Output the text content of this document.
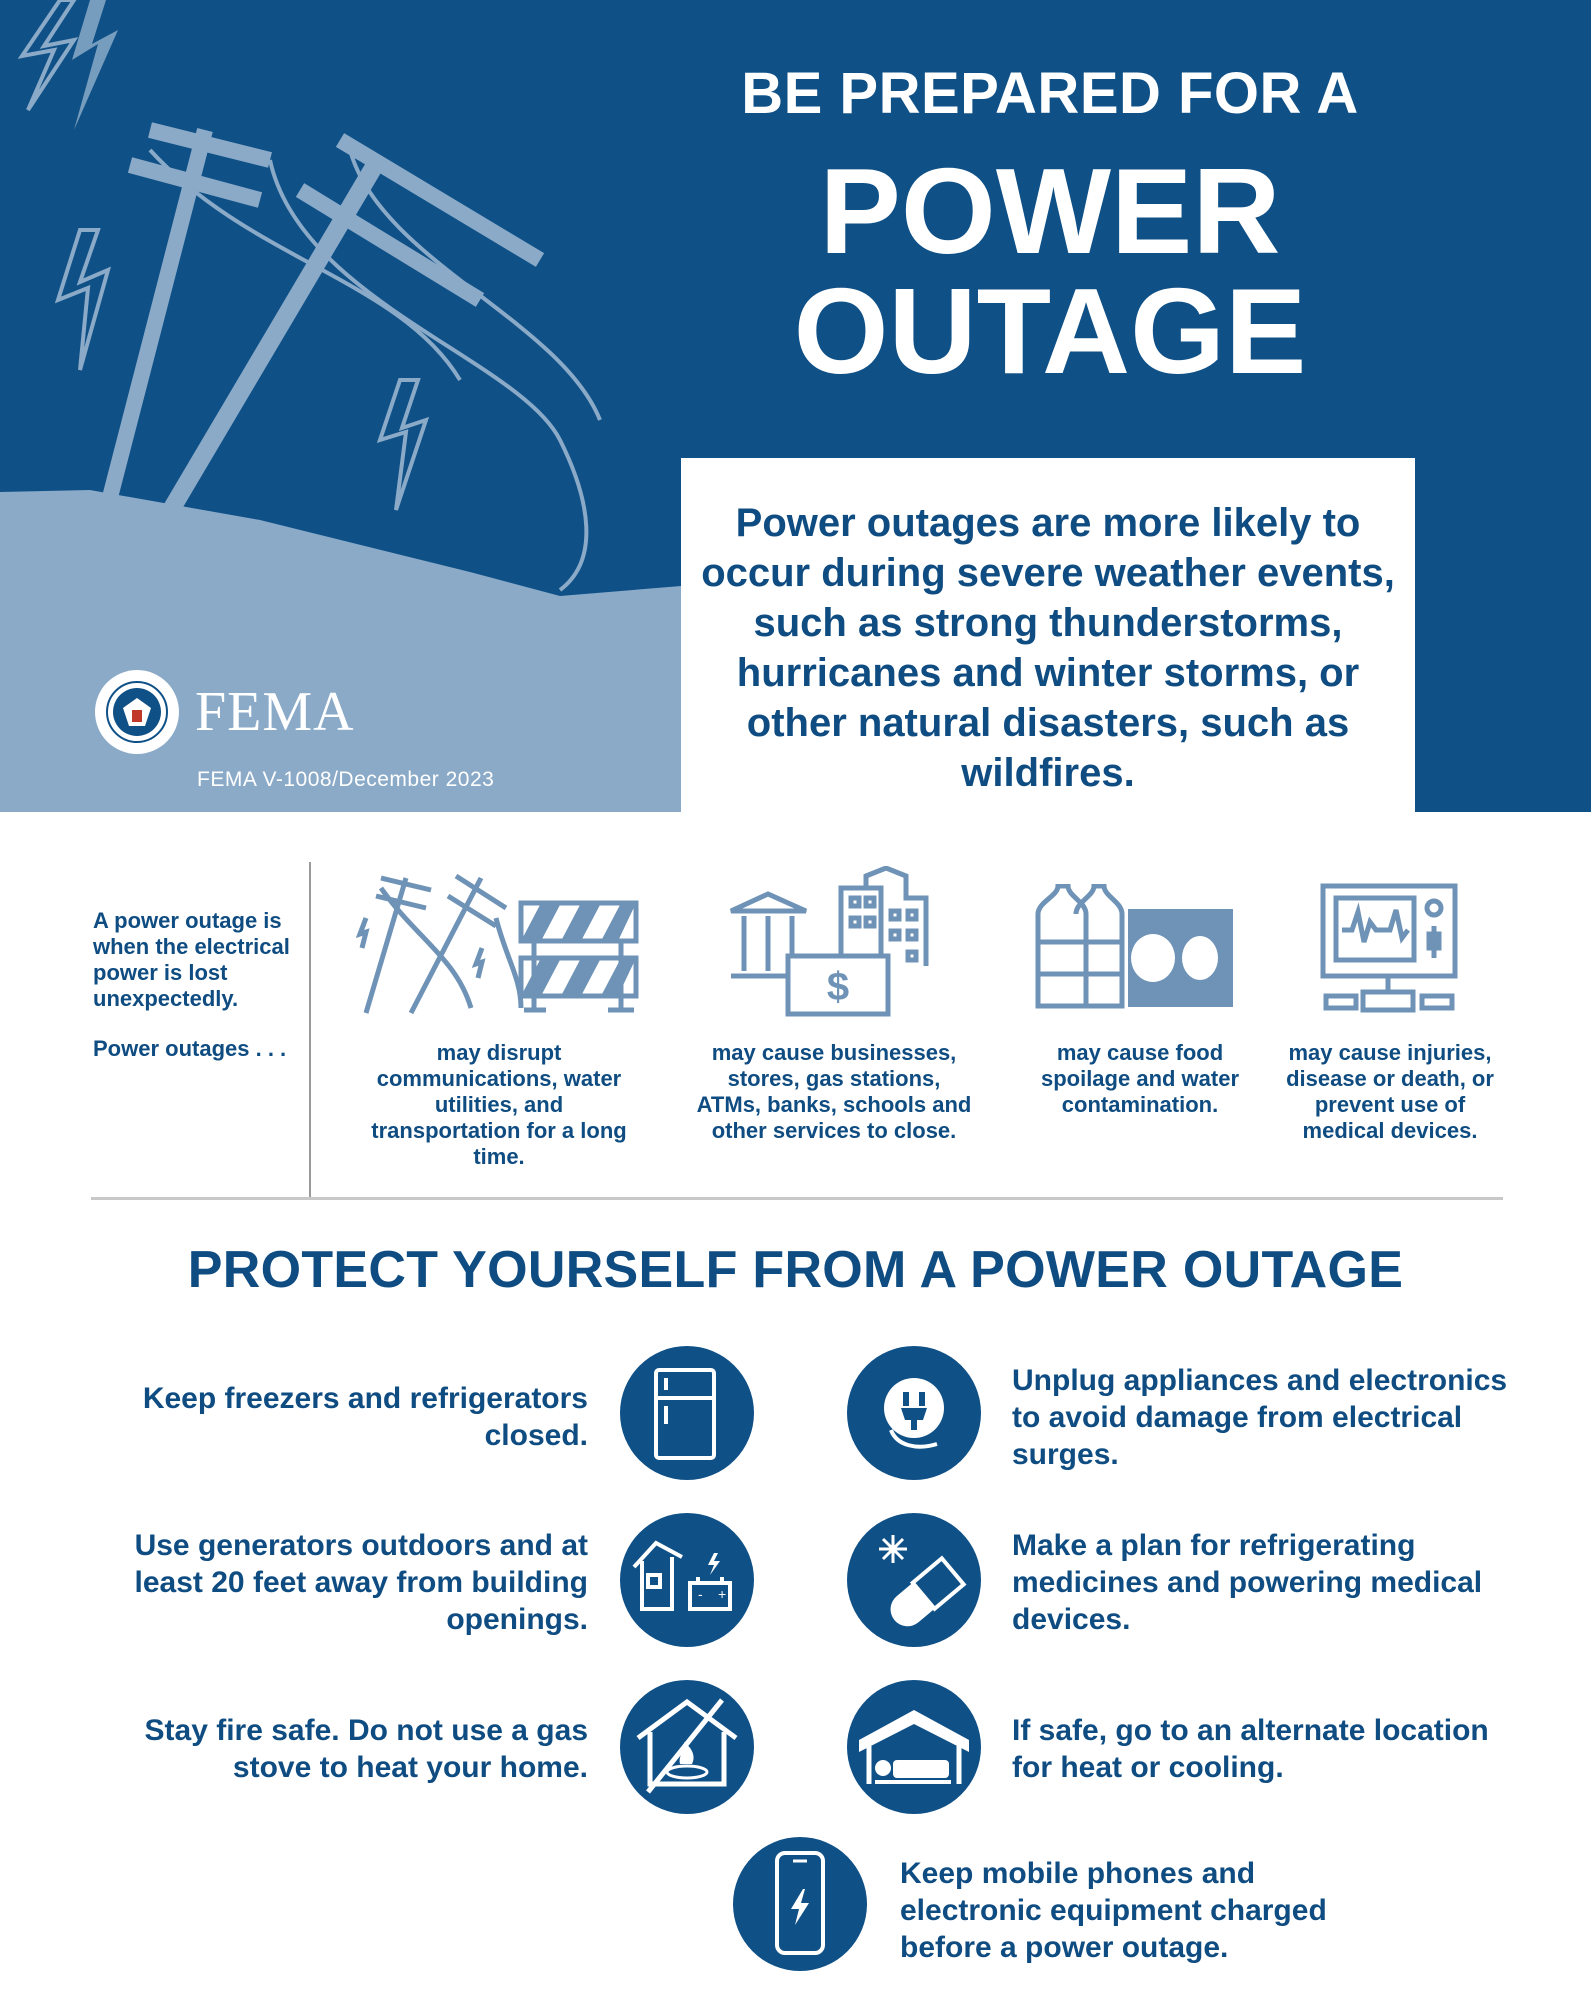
BE PREPARED FOR A
POWER
OUTAGE

Power outages are more likely to occur during severe weather events, such as strong thunderstorms, hurricanes and winter storms, or other natural disasters, such as wildfires.

FEMA
FEMA V-1008/December 2023

A power outage is when the electrical power is lost unexpectedly.

Power outages . . .	may disrupt communications, water utilities, and transportation for a long time.
$
may cause businesses, stores, gas stations, ATMs, banks, schools and other services to close.
may cause food spoilage and water contamination.
may cause injuries, disease or death, or prevent use of medical devices.
PROTECT YOURSELF FROM A POWER OUTAGE
Keep freezers and refrigerators closed.
Unplug appliances and electronics to avoid damage from electrical surges.
Use generators outdoors and at least 20 feet away from building openings.
- +
Make a plan for refrigerating medicines and powering medical devices.
Stay fire safe. Do not use a gas stove to heat your home.
If safe, go to an alternate location for heat or cooling.
Keep mobile phones and electronic equipment charged before a power outage.
